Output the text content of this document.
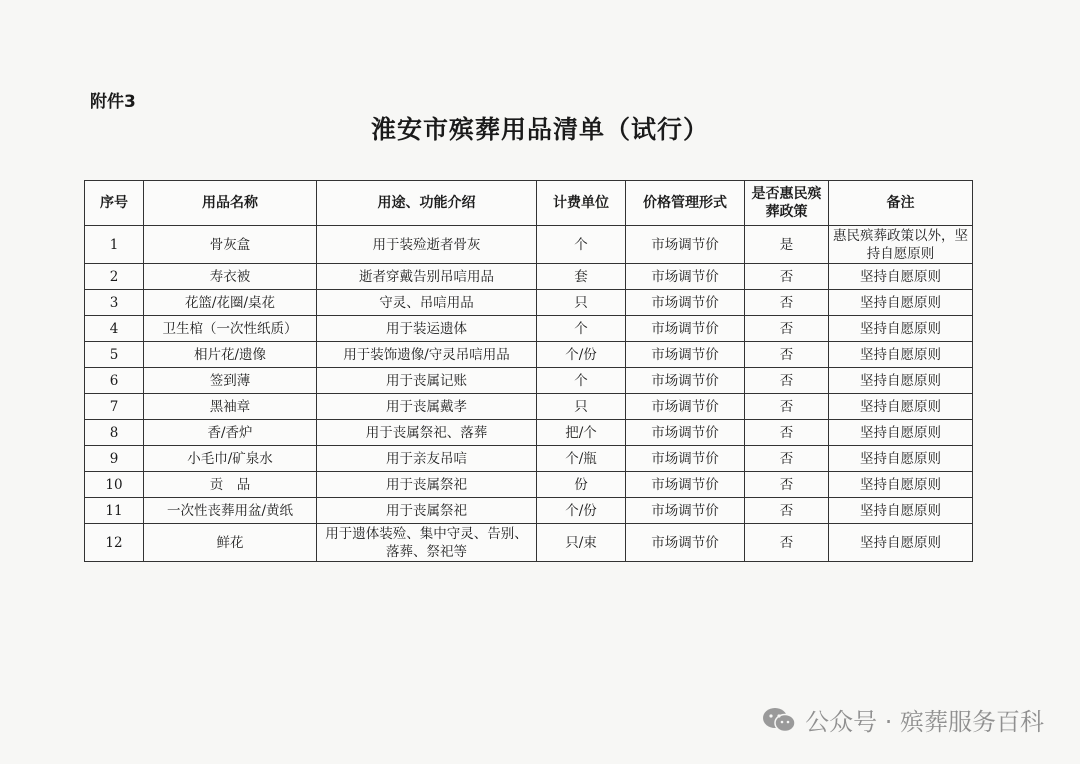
附件3
淮安市殡葬用品清单（试行）
序号	用品名称	用途、功能介绍	计费单位	价格管理形式	是否惠民殡葬政策	备注
1	骨灰盒	用于装殓逝者骨灰	个	市场调节价	是	惠民殡葬政策以外，坚持自愿原则
2	寿衣被	逝者穿戴告别吊唁用品	套	市场调节价	否	坚持自愿原则
3	花篮/花圈/桌花	守灵、吊唁用品	只	市场调节价	否	坚持自愿原则
4	卫生棺（一次性纸质）	用于装运遗体	个	市场调节价	否	坚持自愿原则
5	相片花/遗像	用于装饰遗像/守灵吊唁用品	个/份	市场调节价	否	坚持自愿原则
6	签到薄	用于丧属记账	个	市场调节价	否	坚持自愿原则
7	黑袖章	用于丧属戴孝	只	市场调节价	否	坚持自愿原则
8	香/香炉	用于丧属祭祀、落葬	把/个	市场调节价	否	坚持自愿原则
9	小毛巾/矿泉水	用于亲友吊唁	个/瓶	市场调节价	否	坚持自愿原则
10	贡　品	用于丧属祭祀	份	市场调节价	否	坚持自愿原则
11	一次性丧葬用盆/黄纸	用于丧属祭祀	个/份	市场调节价	否	坚持自愿原则
12	鲜花	用于遗体装殓、集中守灵、告别、落葬、祭祀等	只/束	市场调节价	否	坚持自愿原则
公众号 · 殡葬服务百科
